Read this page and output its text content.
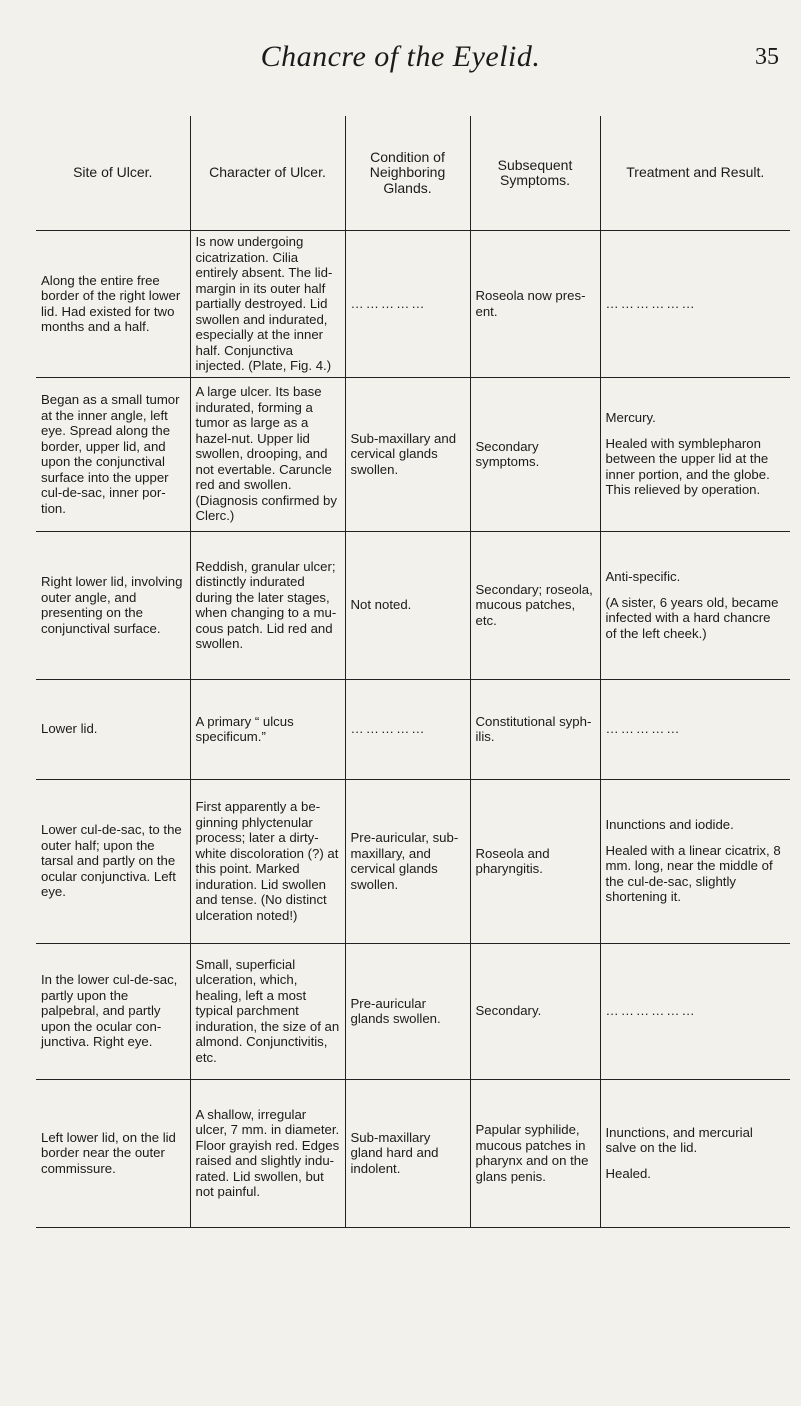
Chancre of the Eyelid.	35
Site of Ulcer.	Character of Ulcer.	Condition of Neighboring Glands.	Subsequent Symptoms.	Treatment and Result.
Along the entire free border of the right lower lid. Had existed for two months and a half.	Is now undergoing cicatrization. Cilia entirely absent. The lid-margin in its outer half partially destroyed. Lid swollen and indurated, especially at the inner half. Conjunctiva injected. (Plate, Fig. 4.)	……………	Roseola now present.	………………

Began as a small tumor at the inner angle, left eye. Spread along the border, upper lid, and upon the conjunctival surface into the upper cul-de-sac, inner portion.	A large ulcer. Its base indurated, forming a tumor as large as a hazel-nut. Upper lid swollen, drooping, and not evertable. Caruncle red and swollen. (Diagnosis confirmed by Clerc.)	Sub-maxillary and cervical glands swollen.	Secondary symptoms.	Mercury.
Healed with symblepharon between the upper lid at the inner portion, and the globe. This relieved by operation.

Right lower lid, involving outer angle, and presenting on the conjunctival surface.	Reddish, granular ulcer; distinctly indurated during the later stages, when changing to a mucous patch. Lid red and swollen.	Not noted.	Secondary; roseola, mucous patches, etc.	Anti-specific.
(A sister, 6 years old, became infected with a hard chancre of the left cheek.)

Lower lid.	A primary “ ulcus specificum.”	……………	Constitutional syphilis.	……………

Lower cul-de-sac, to the outer half; upon the tarsal and partly on the ocular conjunctiva. Left eye.	First apparently a beginning phlyctenular process; later a dirty-white discoloration (?) at this point. Marked induration. Lid swollen and tense. (No distinct ulceration noted!)	Pre-auricular, sub-maxillary, and cervical glands swollen.	Roseola and pharyngitis.	Inunctions and iodide.
Healed with a linear cicatrix, 8 mm. long, near the middle of the cul-de-sac, slightly shortening it.

In the lower cul-de-sac, partly upon the palpebral, and partly upon the ocular conjunctiva. Right eye.	Small, superficial ulceration, which, healing, left a most typical parchment induration, the size of an almond. Conjunctivitis, etc.	Pre-auricular glands swollen.	Secondary.	………………

Left lower lid, on the lid border near the outer commissure.	A shallow, irregular ulcer, 7 mm. in diameter. Floor grayish red. Edges raised and slightly indurated. Lid swollen, but not painful.	Sub-maxillary gland hard and indolent.	Papular syphilide, mucous patches in pharynx and on the glans penis.	Inunctions, and mercurial salve on the lid.
Healed.
